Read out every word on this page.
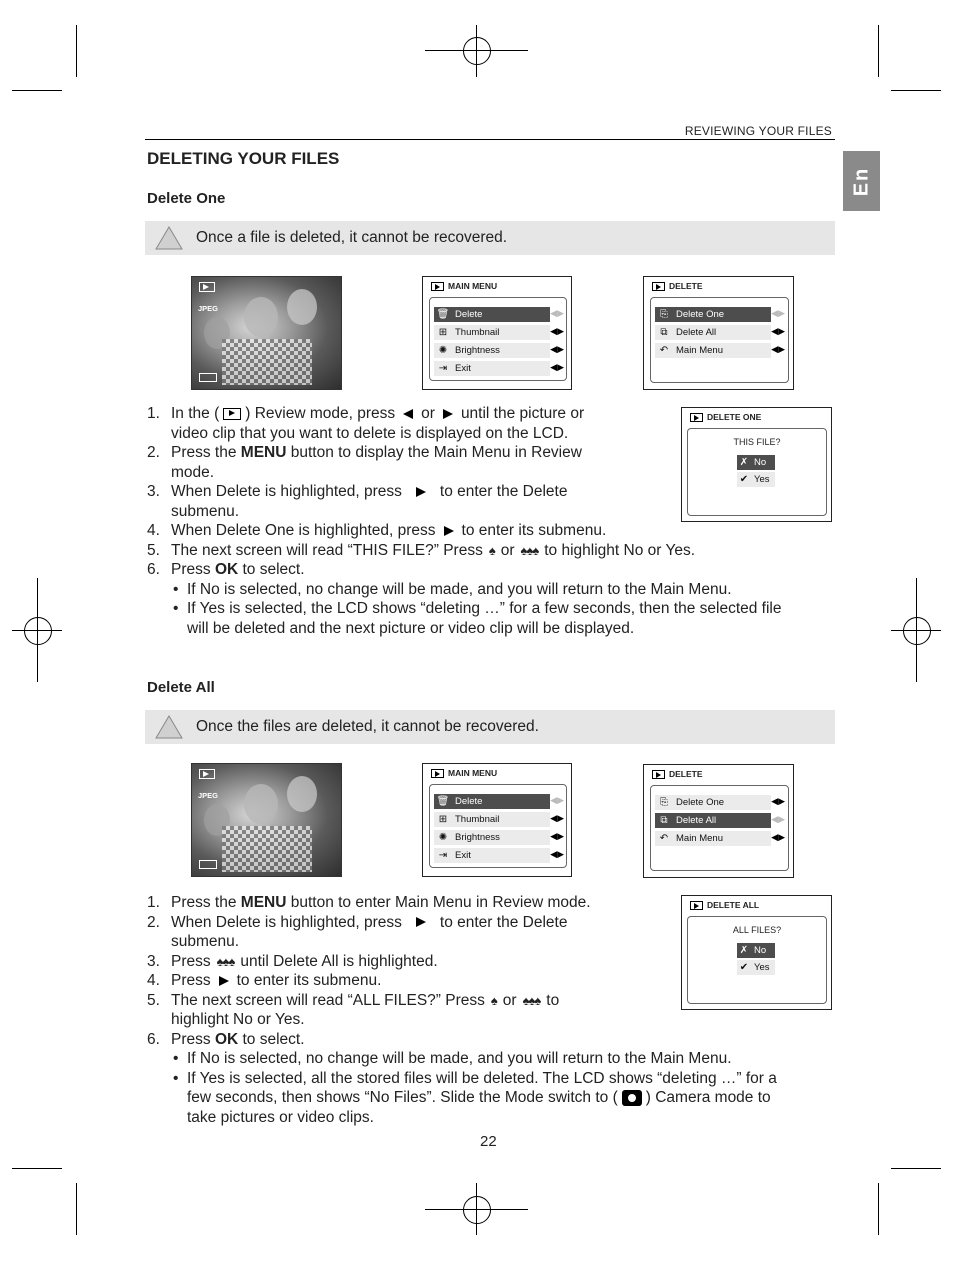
REVIEWING YOUR FILES
En
DELETING YOUR FILES
Delete One
Once a file is deleted, it cannot be recovered.
JPEG
MAIN MENU
🗑 Delete	◀▶
⊞ Thumbnail	◀▶
✺ Brightness	◀▶
⇥ Exit	◀▶
DELETE
⎘ Delete One	◀▶
⧉ Delete All	◀▶
↶ Main Menu	◀▶
DELETE ONE
THIS FILE?
✗ No
✔ Yes
1. In the ( ) Review mode, press or until the picture or
video clip that you want to delete is displayed on the LCD.
2. Press the MENU button to display the Main Menu in Review
mode.
3. When Delete is highlighted, press to enter the Delete
submenu.
4. When Delete One is highlighted, press to enter its submenu.
5. The next screen will read “THIS FILE?” Press ♠ or ♠♠♠ to highlight No or Yes.
6. Press OK to select.
• If No is selected, no change will be made, and you will return to the Main Menu.
• If Yes is selected, the LCD shows “deleting …” for a few seconds, then the selected file
will be deleted and the next picture or video clip will be displayed.
Delete All
Once the files are deleted, it cannot be recovered.
JPEG
MAIN MENU
🗑 Delete	◀▶
⊞ Thumbnail	◀▶
✺ Brightness	◀▶
⇥ Exit	◀▶
DELETE
⎘ Delete One	◀▶
⧉ Delete All	◀▶
↶ Main Menu	◀▶
DELETE ALL
ALL FILES?
✗ No
✔ Yes
1. Press the MENU button to enter Main Menu in Review mode.
2. When Delete is highlighted, press to enter the Delete
submenu.
3. Press ♠♠♠ until Delete All is highlighted.
4. Press to enter its submenu.
5. The next screen will read “ALL FILES?” Press ♠ or ♠♠♠ to
highlight No or Yes.
6. Press OK to select.
• If No is selected, no change will be made, and you will return to the Main Menu.
• If Yes is selected, all the stored files will be deleted. The LCD shows “deleting …” for a
few seconds, then shows “No Files”. Slide the Mode switch to ( ) Camera mode to
take pictures or video clips.
22
